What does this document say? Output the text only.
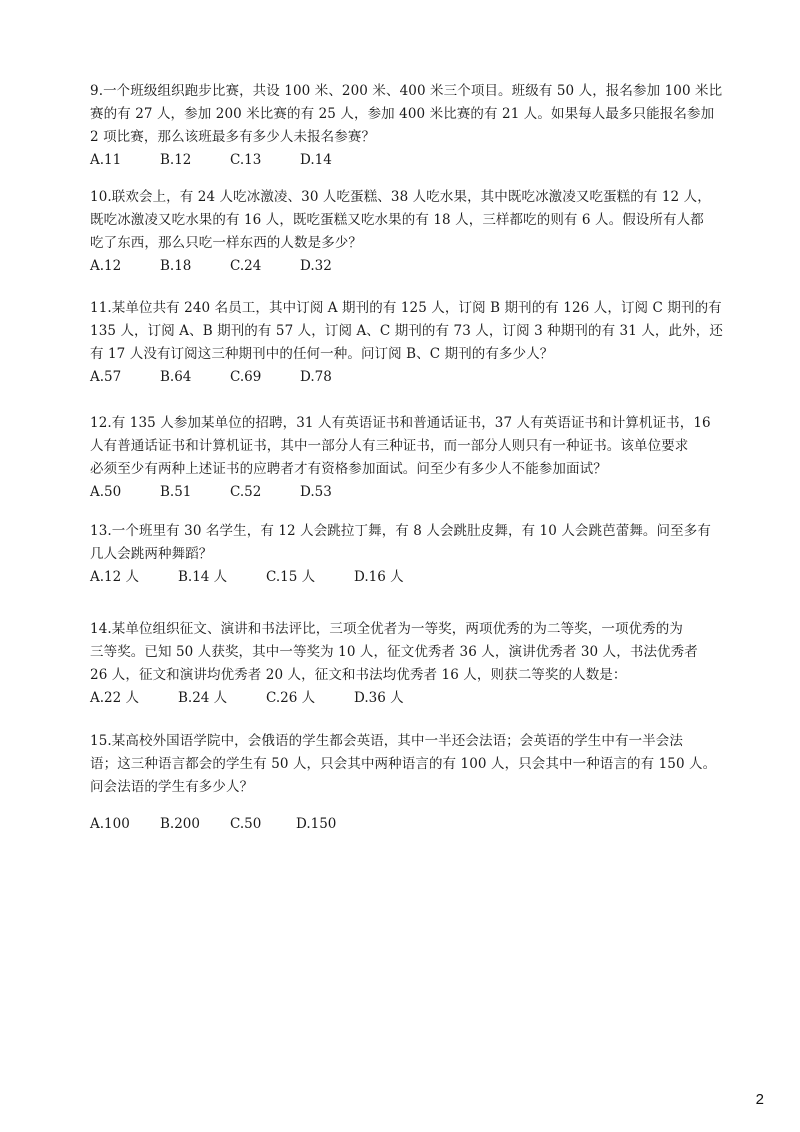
9.一个班级组织跑步比赛，共设 100 米、200 米、400 米三个项目。班级有 50 人，报名参加 100 米比
赛的有 27 人，参加 200 米比赛的有 25 人，参加 400 米比赛的有 21 人。如果每人最多只能报名参加
2 项比赛，那么该班最多有多少人未报名参赛？
A.11	B.12	C.13	D.14
10.联欢会上，有 24 人吃冰激凌、30 人吃蛋糕、38 人吃水果，其中既吃冰激凌又吃蛋糕的有 12 人，
既吃冰激凌又吃水果的有 16 人，既吃蛋糕又吃水果的有 18 人，三样都吃的则有 6 人。假设所有人都
吃了东西，那么只吃一样东西的人数是多少？
A.12	B.18	C.24	D.32
11.某单位共有 240 名员工，其中订阅 A 期刊的有 125 人，订阅 B 期刊的有 126 人，订阅 C 期刊的有
135 人，订阅 A、B 期刊的有 57 人，订阅 A、C 期刊的有 73 人，订阅 3 种期刊的有 31 人，此外，还
有 17 人没有订阅这三种期刊中的任何一种。问订阅 B、C 期刊的有多少人？
A.57	B.64	C.69	D.78
12.有 135 人参加某单位的招聘，31 人有英语证书和普通话证书，37 人有英语证书和计算机证书，16
人有普通话证书和计算机证书，其中一部分人有三种证书，而一部分人则只有一种证书。该单位要求
必须至少有两种上述证书的应聘者才有资格参加面试。问至少有多少人不能参加面试？
A.50	B.51	C.52	D.53
13.一个班里有 30 名学生，有 12 人会跳拉丁舞，有 8 人会跳肚皮舞，有 10 人会跳芭蕾舞。问至多有
几人会跳两种舞蹈？
A.12 人	B.14 人	C.15 人	D.16 人
14.某单位组织征文、演讲和书法评比，三项全优者为一等奖，两项优秀的为二等奖，一项优秀的为
三等奖。已知 50 人获奖，其中一等奖为 10 人，征文优秀者 36 人，演讲优秀者 30 人，书法优秀者
26 人，征文和演讲均优秀者 20 人，征文和书法均优秀者 16 人，则获二等奖的人数是：
A.22 人	B.24 人	C.26 人	D.36 人
15.某高校外国语学院中，会俄语的学生都会英语，其中一半还会法语；会英语的学生中有一半会法
语；这三种语言都会的学生有 50 人，只会其中两种语言的有 100 人，只会其中一种语言的有 150 人。
问会法语的学生有多少人？
A.100	B.200	C.50	D.150
2
